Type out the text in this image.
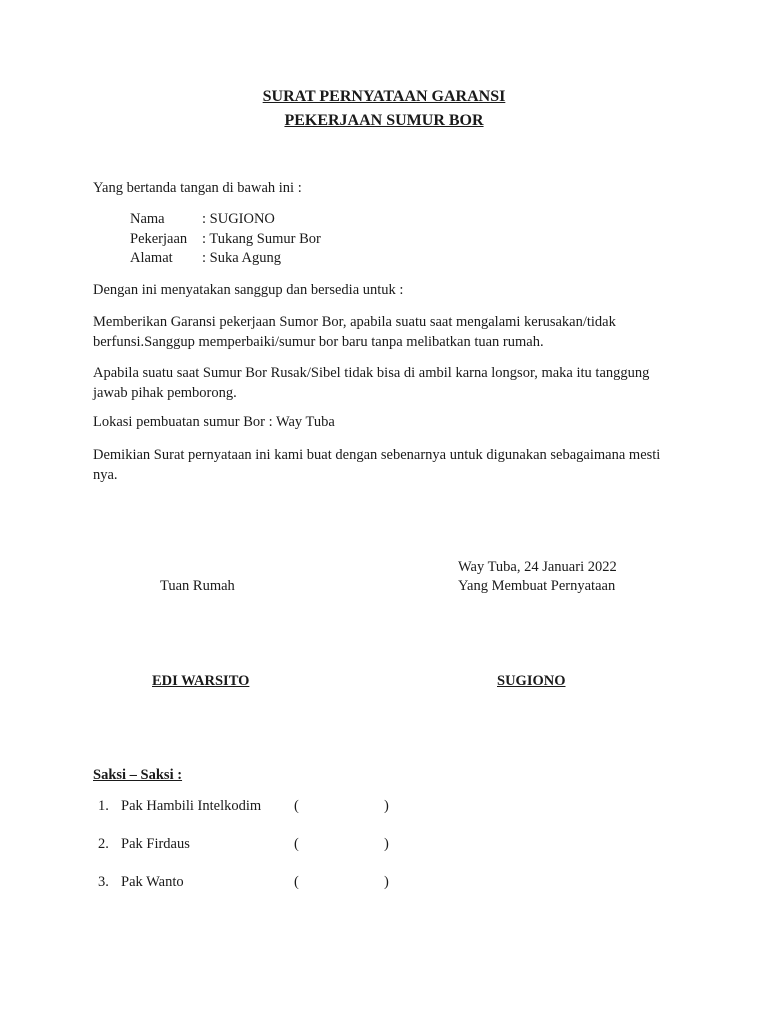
SURAT PERNYATAAN GARANSI
PEKERJAAN SUMUR BOR
Yang bertanda tangan di bawah ini :
Nama	: SUGIONO
Pekerjaan : Tukang Sumur Bor
Alamat : Suka Agung
Dengan ini menyatakan sanggup dan bersedia untuk :
Memberikan Garansi pekerjaan Sumor Bor, apabila suatu saat mengalami kerusakan/tidak berfunsi.Sanggup memperbaiki/sumur bor baru tanpa melibatkan tuan rumah.
Apabila suatu saat Sumur Bor Rusak/Sibel tidak bisa di ambil karna longsor, maka itu tanggung jawab pihak pemborong.
Lokasi pembuatan sumur Bor : Way Tuba
Demikian Surat pernyataan ini kami buat dengan sebenarnya untuk digunakan sebagaimana mesti nya.
Way Tuba, 24 Januari 2022
Tuan Rumah	Yang Membuat Pernyataan
EDI WARSITO	SUGIONO
Saksi – Saksi :
1. Pak Hambili Intelkodim (	)
2. Pak Firdaus	(	)
3. Pak Wanto	(	)
